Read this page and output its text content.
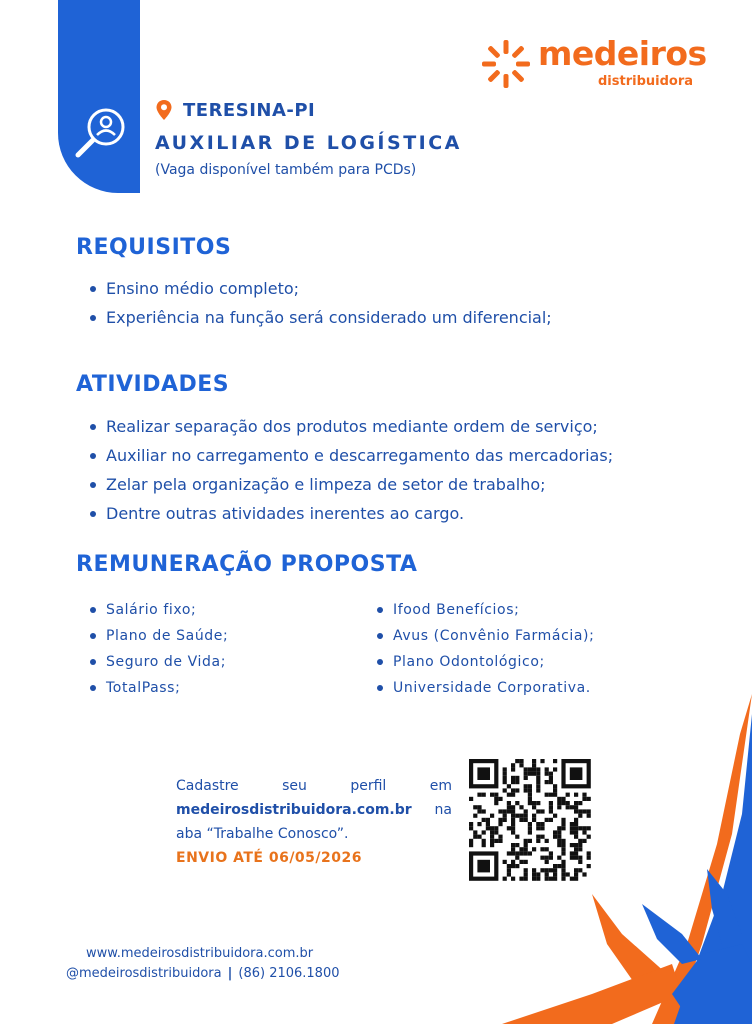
medeiros
distribuidora
TERESINA-PI
AUXILIAR DE LOGÍSTICA
(Vaga disponível também para PCDs)
REQUISITOS
Ensino médio completo;
Experiência na função será considerado um diferencial;
ATIVIDADES
Realizar separação dos produtos mediante ordem de serviço;
Auxiliar no carregamento e descarregamento das mercadorias;
Zelar pela organização e limpeza de setor de trabalho;
Dentre outras atividades inerentes ao cargo.
REMUNERAÇÃO PROPOSTA
Salário fixo;
Plano de Saúde;
Seguro de Vida;
TotalPass;
Ifood Benefícios;
Avus (Convênio Farmácia);
Plano Odontológico;
Universidade Corporativa.

Cadastre seu perfil em

medeirosdistribuidora.com.br na

aba “Trabalhe Conosco”.

ENVIO ATÉ 06/05/2026

www.medeirosdistribuidora.com.br
@medeirosdistribuidora | (86) 2106.1800
